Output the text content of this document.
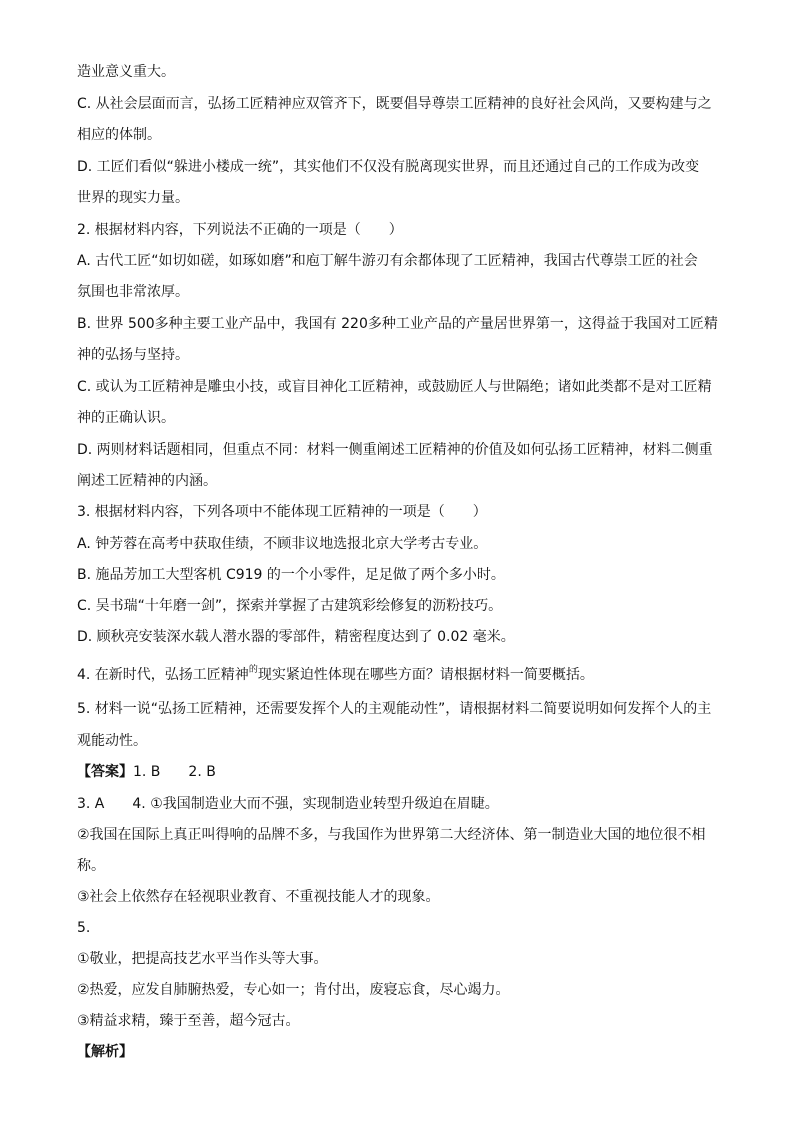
造业意义重大。
C. 从社会层面而言，弘扬工匠精神应双管齐下，既要倡导尊崇工匠精神的良好社会风尚，又要构建与之
相应的体制。
D. 工匠们看似“躲进小楼成一统”，其实他们不仅没有脱离现实世界，而且还通过自己的工作成为改变
世界的现实力量。
2. 根据材料内容，下列说法不正确的一项是（　　）
A. 古代工匠“如切如磋，如琢如磨”和庖丁解牛游刃有余都体现了工匠精神，我国古代尊崇工匠的社会
氛围也非常浓厚。
B. 世界 500多种主要工业产品中，我国有 220多种工业产品的产量居世界第一，这得益于我国对工匠精
神的弘扬与坚持。
C. 或认为工匠精神是雕虫小技，或盲目神化工匠精神，或鼓励匠人与世隔绝；诸如此类都不是对工匠精
神的正确认识。
D. 两则材料话题相同，但重点不同：材料一侧重阐述工匠精神的价值及如何弘扬工匠精神，材料二侧重
阐述工匠精神的内涵。
3. 根据材料内容，下列各项中不能体现工匠精神的一项是（　　）
A. 钟芳蓉在高考中获取佳绩，不顾非议地选报北京大学考古专业。
B. 施品芳加工大型客机 C919 的一个小零件，足足做了两个多小时。
C. 吴书瑞“十年磨一剑”，探索并掌握了古建筑彩绘修复的沥粉技巧。
D. 顾秋亮安装深水载人潜水器的零部件，精密程度达到了 0.02 毫米。
4. 在新时代，弘扬工匠精神$^的$现实紧迫性体现在哪些方面？请根据材料一简要概括。
5. 材料一说“弘扬工匠精神，还需要发挥个人的主观能动性”，请根据材料二简要说明如何发挥个人的主
观能动性。
【答案】1. B　　2. B
3. A　　4. ①我国制造业大而不强，实现制造业转型升级迫在眉睫。
②我国在国际上真正叫得响的品牌不多，与我国作为世界第二大经济体、第一制造业大国的地位很不相
称。
③社会上依然存在轻视职业教育、不重视技能人才的现象。
5.
①敬业，把提高技艺水平当作头等大事。
②热爱，应发自肺腑热爱，专心如一；肯付出，废寝忘食，尽心竭力。
③精益求精，臻于至善，超今冠古。
【解析】
